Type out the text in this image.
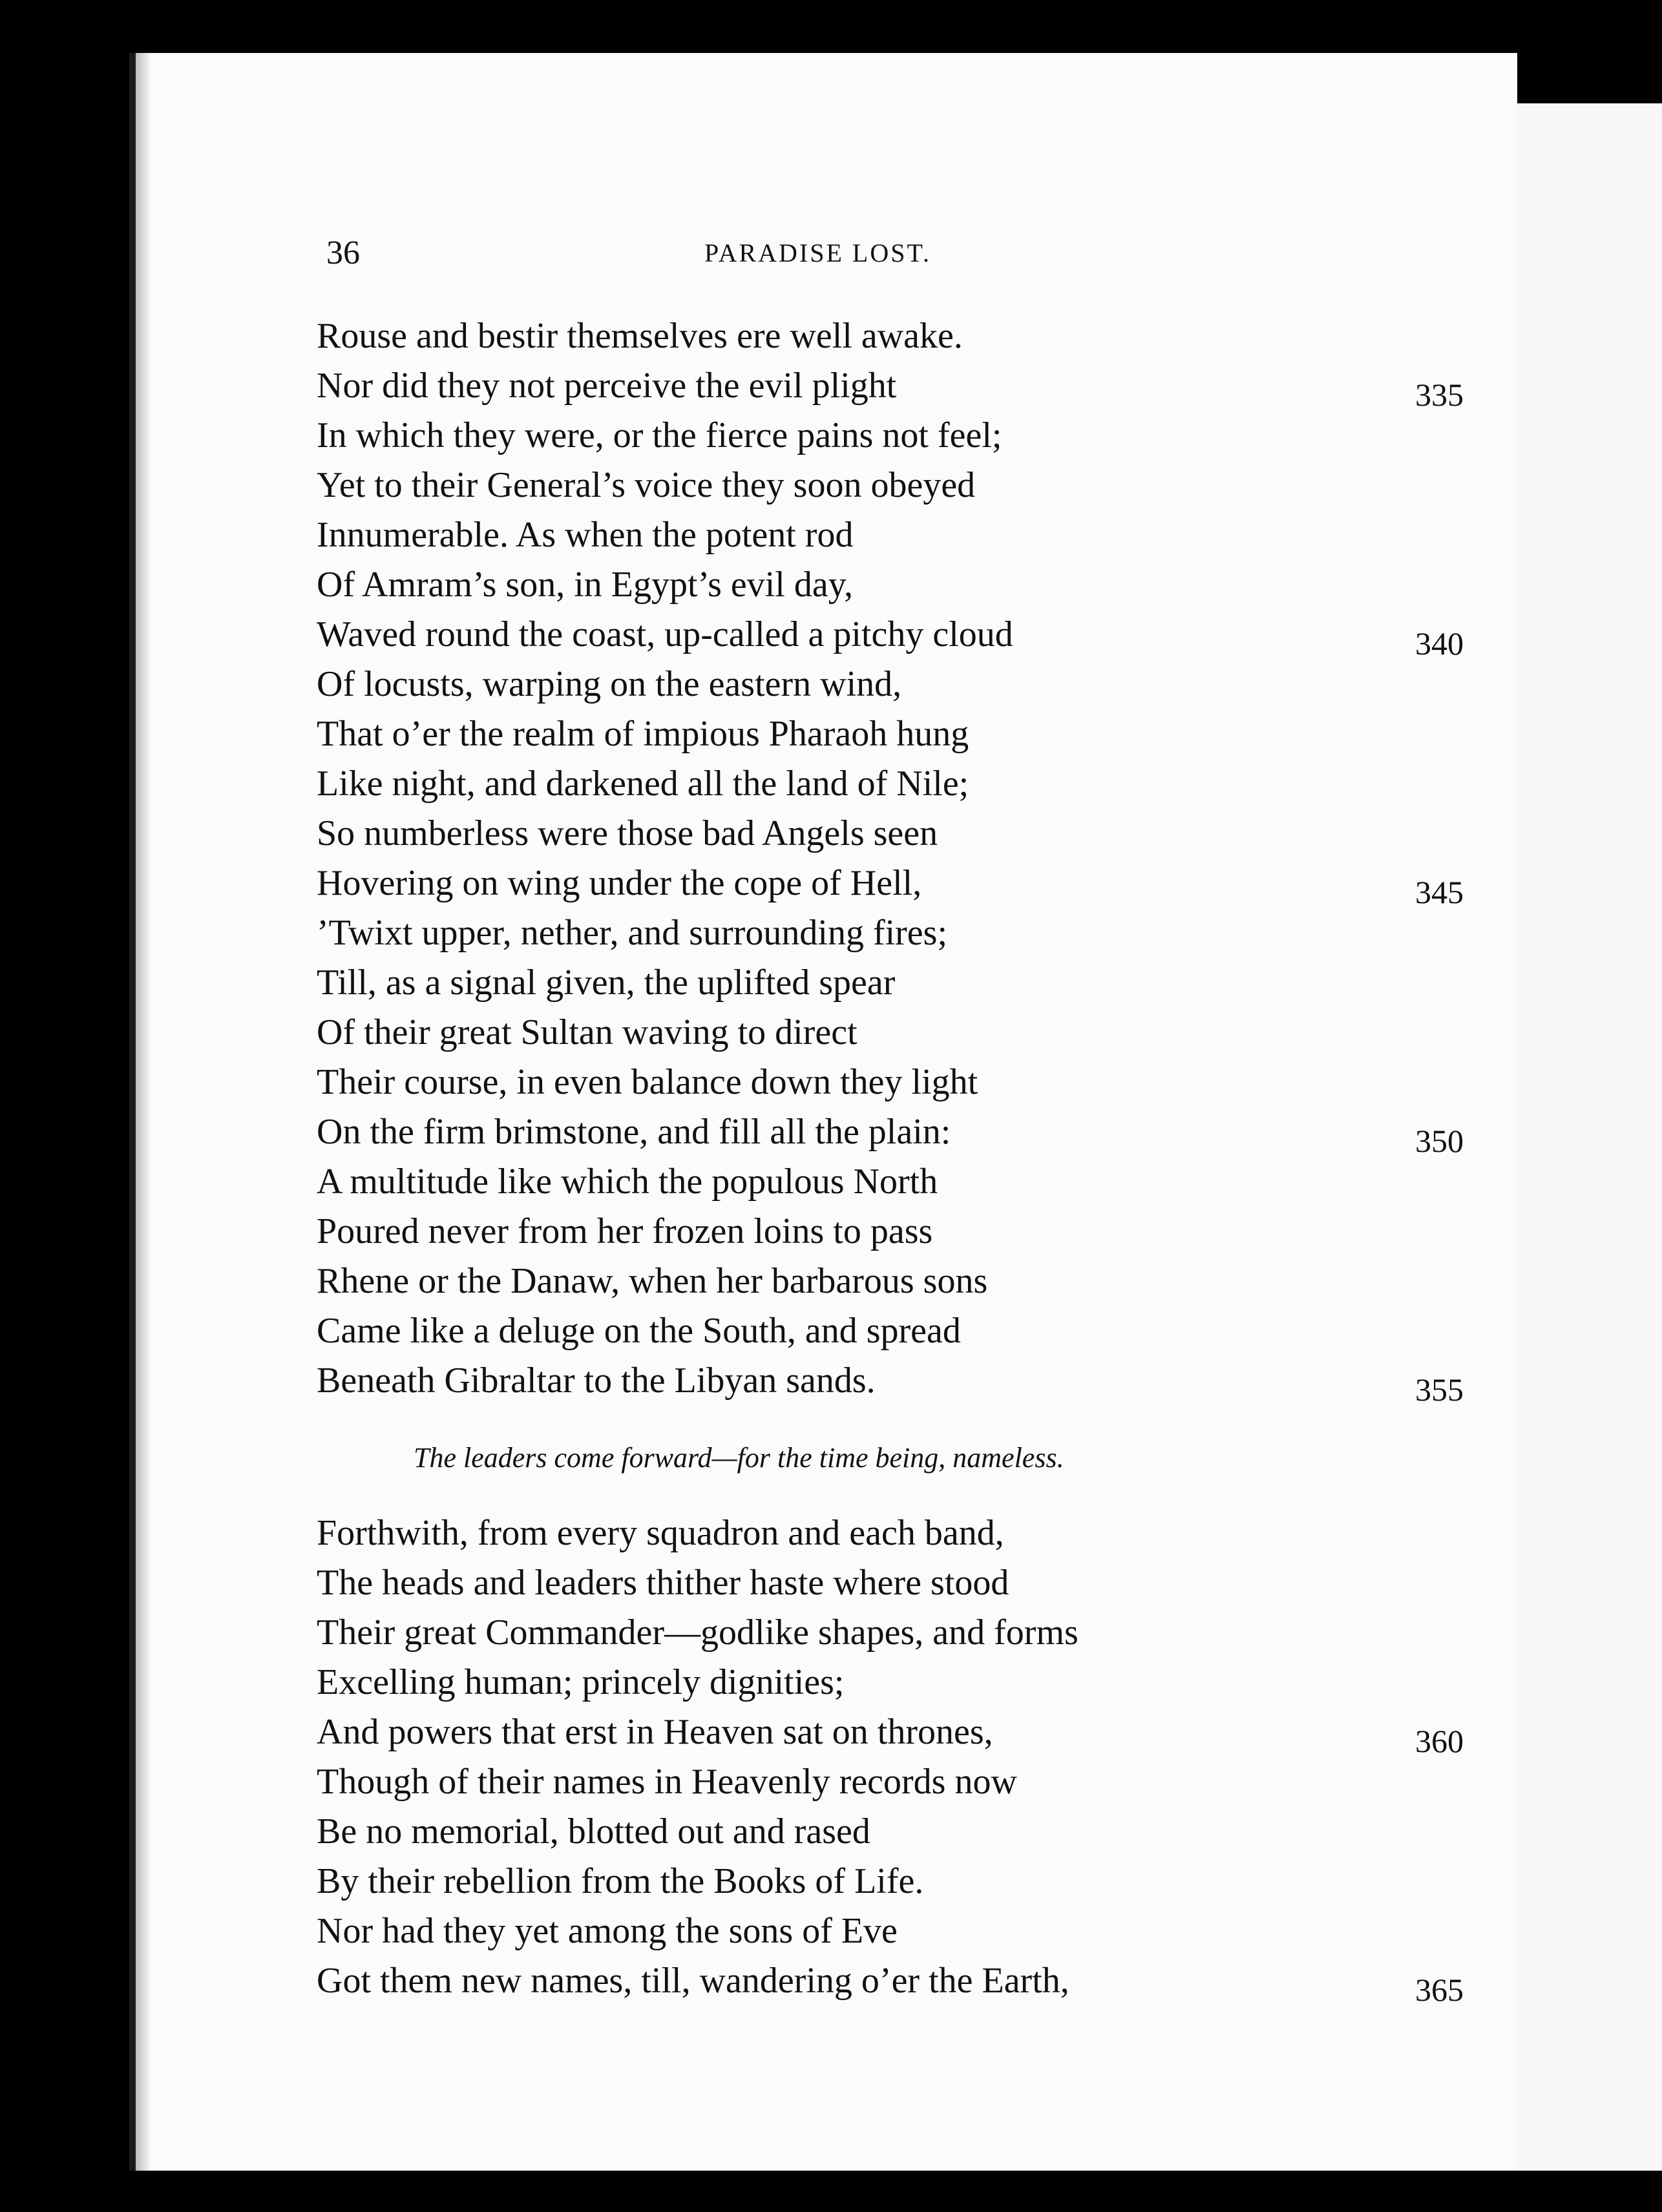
36	PARADISE LOST.
Rouse and bestir themselves ere well awake.
Nor did they not perceive the evil plight	335
In which they were, or the fierce pains not feel;
Yet to their General’s voice they soon obeyed
Innumerable. As when the potent rod
Of Amram’s son, in Egypt’s evil day,
Waved round the coast, up-called a pitchy cloud	340
Of locusts, warping on the eastern wind,
That o’er the realm of impious Pharaoh hung
Like night, and darkened all the land of Nile;
So numberless were those bad Angels seen
Hovering on wing under the cope of Hell,	345
’Twixt upper, nether, and surrounding fires;
Till, as a signal given, the uplifted spear
Of their great Sultan waving to direct
Their course, in even balance down they light
On the firm brimstone, and fill all the plain:	350
A multitude like which the populous North
Poured never from her frozen loins to pass
Rhene or the Danaw, when her barbarous sons
Came like a deluge on the South, and spread
Beneath Gibraltar to the Libyan sands.	355
The leaders come forward—for the time being, nameless.
Forthwith, from every squadron and each band,
The heads and leaders thither haste where stood
Their great Commander—godlike shapes, and forms
Excelling human; princely dignities;
And powers that erst in Heaven sat on thrones,	360
Though of their names in Heavenly records now
Be no memorial, blotted out and rased
By their rebellion from the Books of Life.
Nor had they yet among the sons of Eve
Got them new names, till, wandering o’er the Earth,	365
